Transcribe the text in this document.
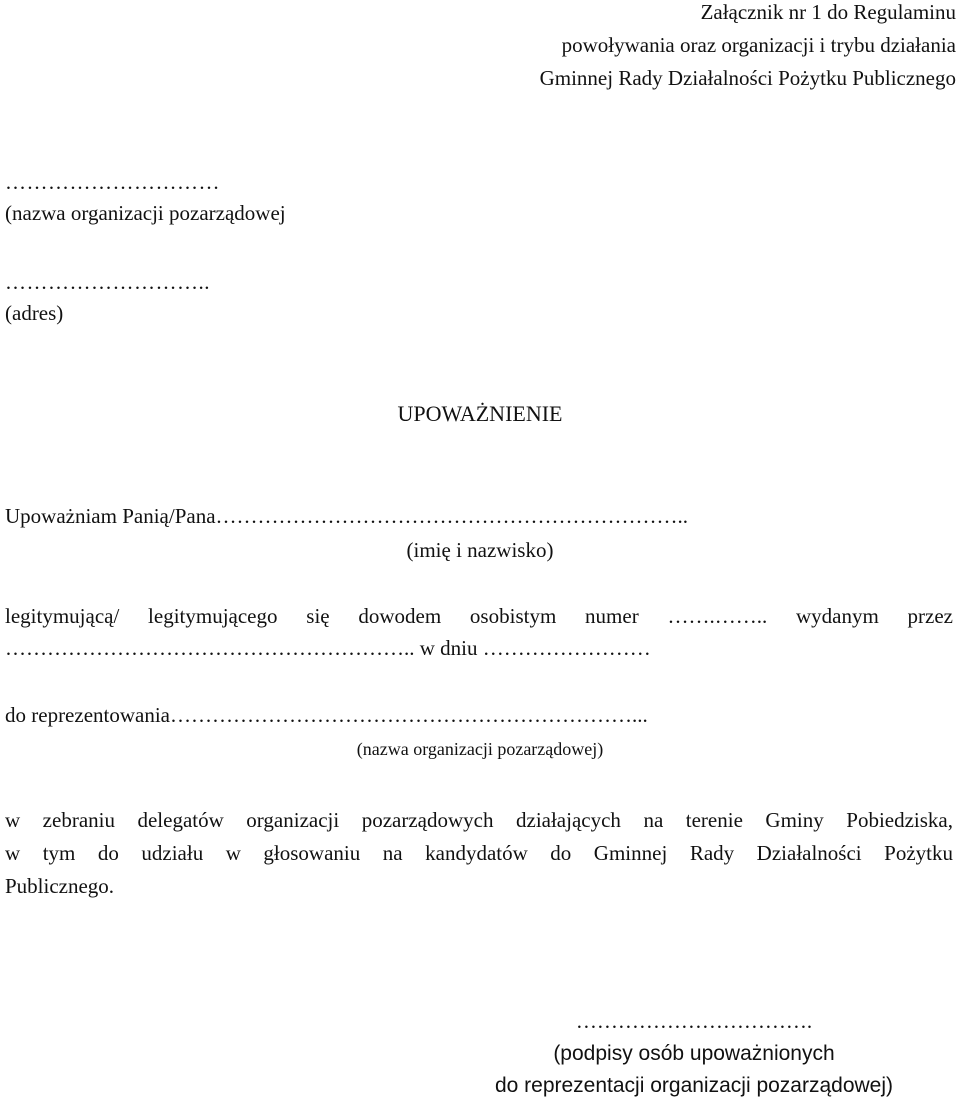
Załącznik nr 1 do Regulaminu
powoływania oraz organizacji i trybu działania
Gminnej Rady Działalności Pożytku Publicznego
…………………………
(nazwa organizacji pozarządowej
………………………..
(adres)
UPOWAŻNIENIE
Upoważniam Panią/Pana…………………………………………………………..
(imię i nazwisko)
legitymującą/ legitymującego się dowodem osobistym numer …….…….. wydanym przez
………………………………………………….. w dniu ……………………
do reprezentowania…………………………………………………………...
(nazwa organizacji pozarządowej)
w zebraniu delegatów organizacji pozarządowych działających na terenie Gminy Pobiedziska,
w tym do udziału w głosowaniu na kandydatów do Gminnej Rady Działalności Pożytku
Publicznego.
…………………………….
(podpisy osób upoważnionych
do reprezentacji organizacji pozarządowej)
